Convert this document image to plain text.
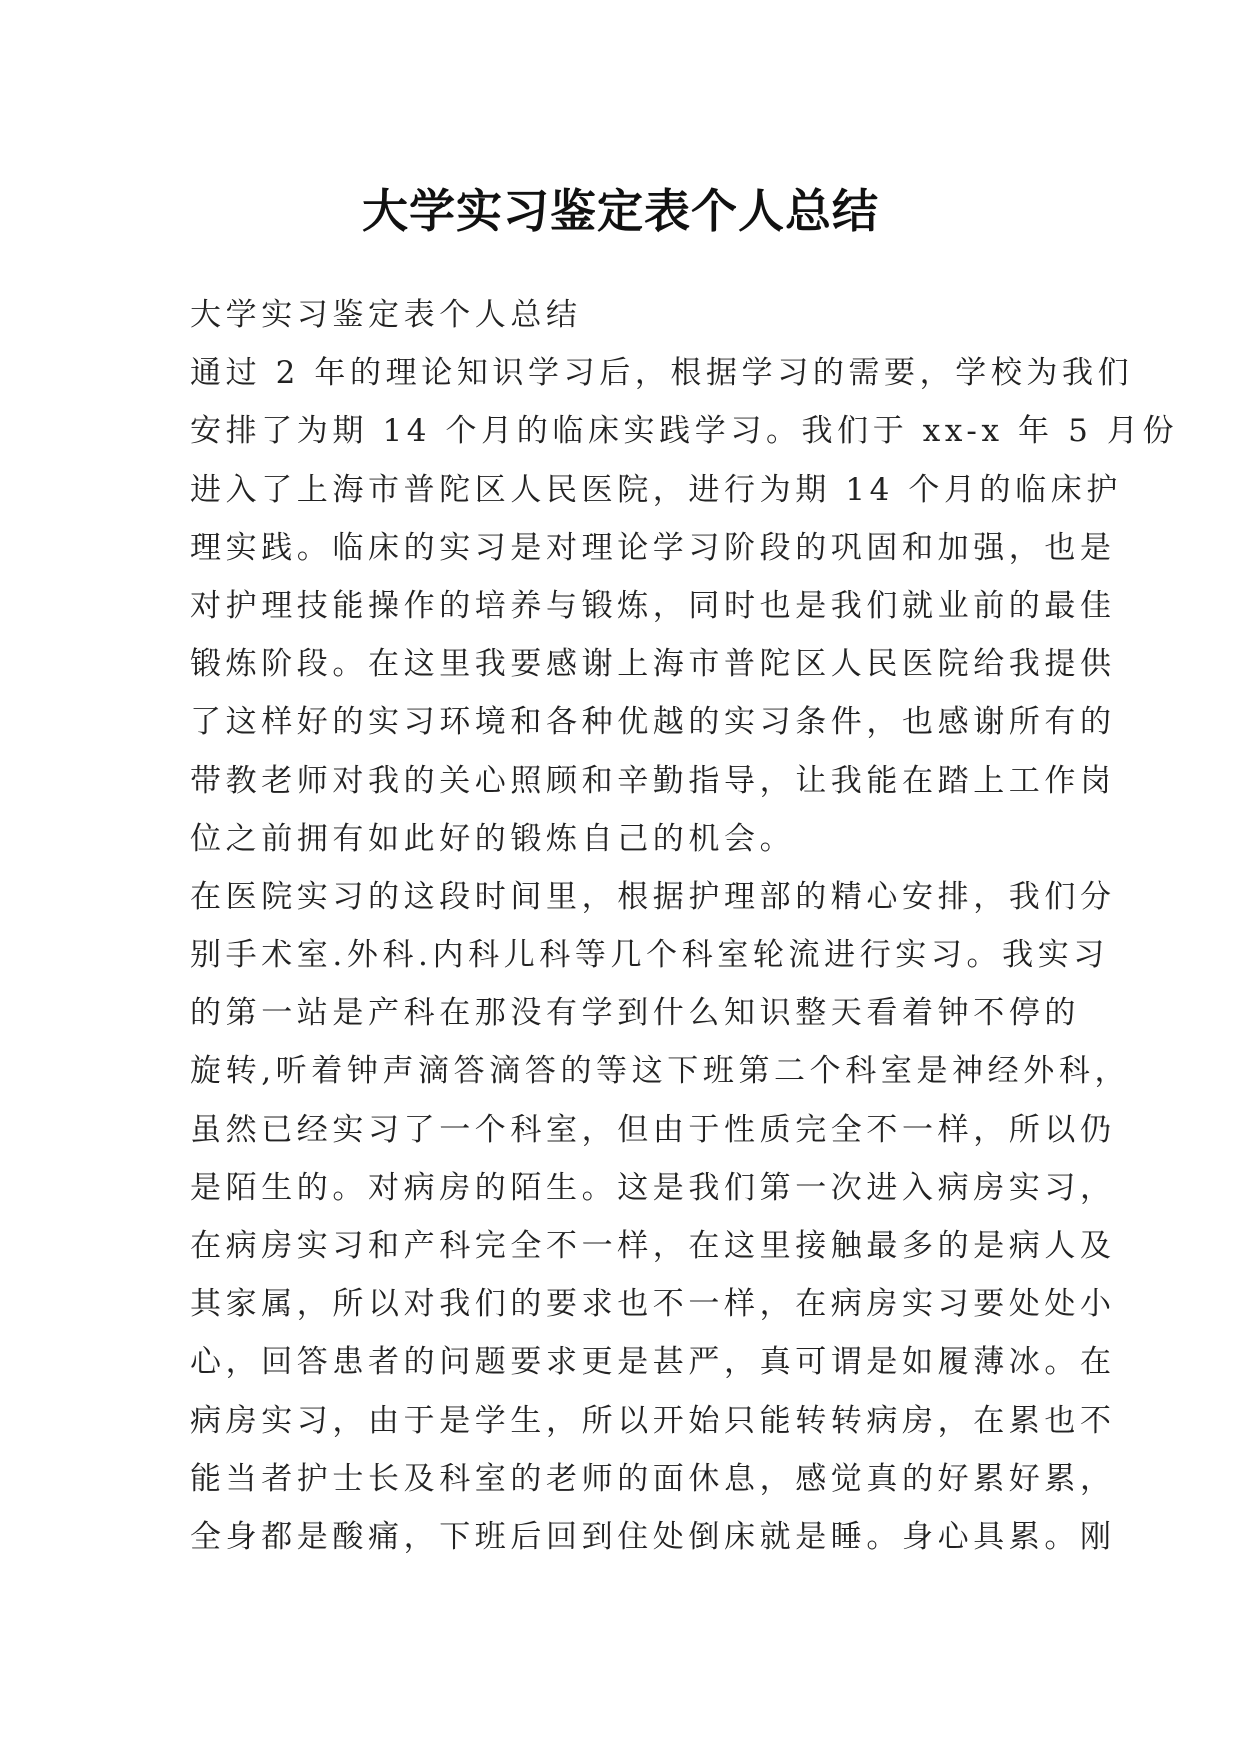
大学实习鉴定表个人总结
大学实习鉴定表个人总结
通过 2 年的理论知识学习后，根据学习的需要，学校为我们
安排了为期 14 个月的临床实践学习。我们于 xx-x 年 5 月份
进入了上海市普陀区人民医院，进行为期 14 个月的临床护
理实践。临床的实习是对理论学习阶段的巩固和加强，也是
对护理技能操作的培养与锻炼，同时也是我们就业前的最佳
锻炼阶段。在这里我要感谢上海市普陀区人民医院给我提供
了这样好的实习环境和各种优越的实习条件，也感谢所有的
带教老师对我的关心照顾和辛勤指导，让我能在踏上工作岗
位之前拥有如此好的锻炼自己的机会。
在医院实习的这段时间里，根据护理部的精心安排，我们分
别手术室.外科.内科儿科等几个科室轮流进行实习。我实习
的第一站是产科在那没有学到什么知识整天看着钟不停的
旋转,听着钟声滴答滴答的等这下班第二个科室是神经外科，
虽然已经实习了一个科室，但由于性质完全不一样，所以仍
是陌生的。对病房的陌生。这是我们第一次进入病房实习，
在病房实习和产科完全不一样，在这里接触最多的是病人及
其家属，所以对我们的要求也不一样，在病房实习要处处小
心，回答患者的问题要求更是甚严，真可谓是如履薄冰。在
病房实习，由于是学生，所以开始只能转转病房，在累也不
能当者护士长及科室的老师的面休息，感觉真的好累好累，
全身都是酸痛，下班后回到住处倒床就是睡。身心具累。刚
